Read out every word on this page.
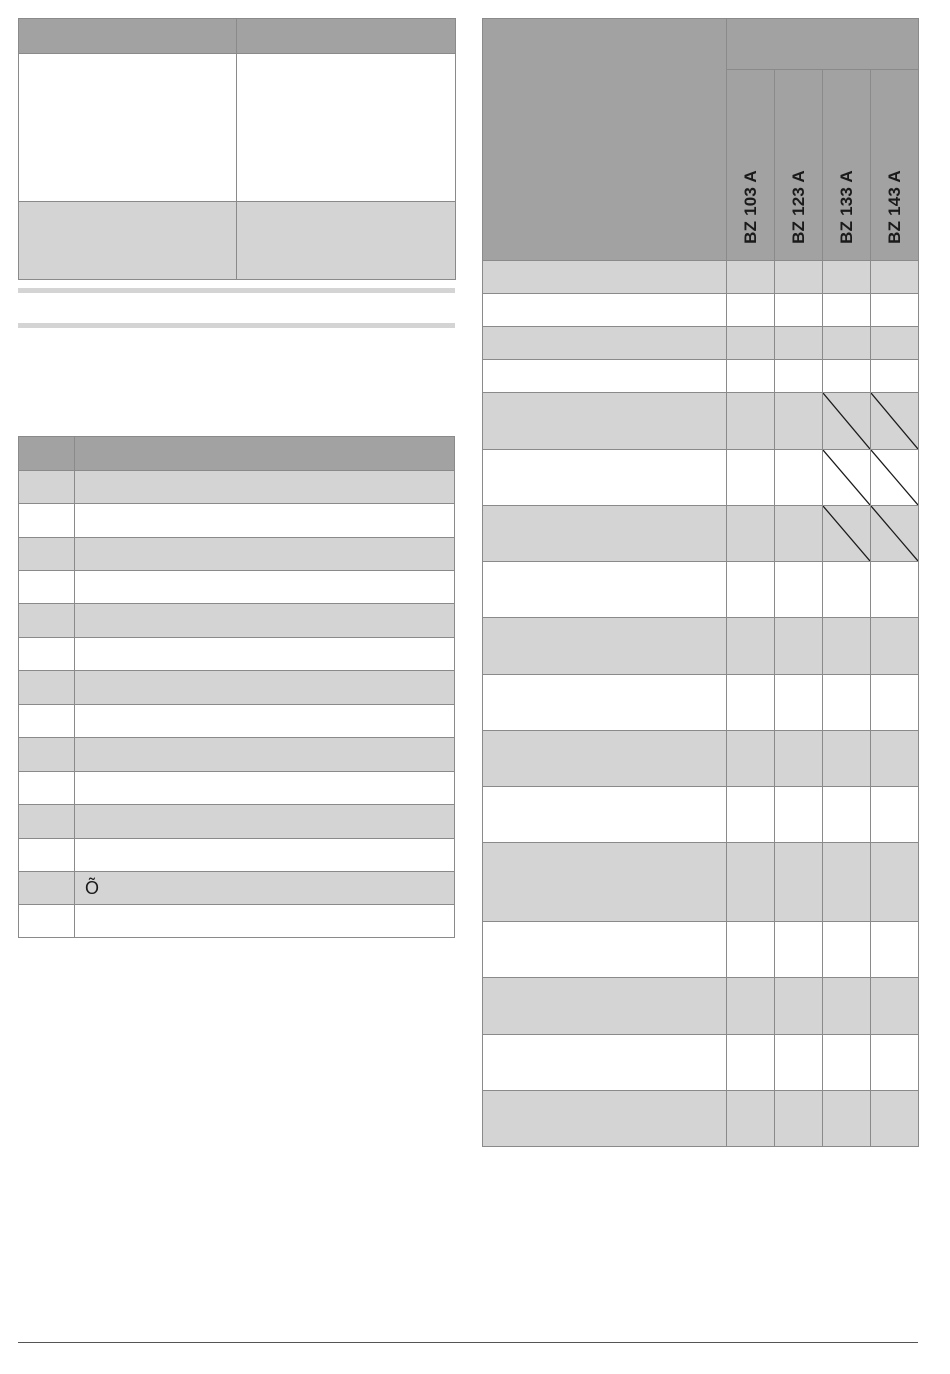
	Õ

	BZ 103 A	BZ 123 A	BZ 133 A	BZ 143 A
